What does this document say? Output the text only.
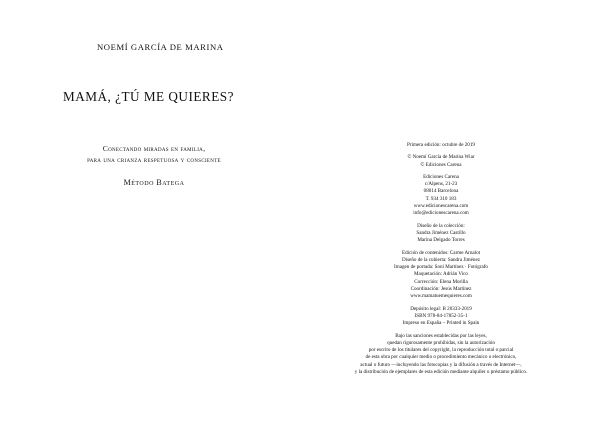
NOEMÍ GARCÍA DE MARINA
MAMÁ, ¿TÚ ME QUIERES?
Conectando miradas en familia,
para una crianza respetuosa y consciente
Método Batega
Primera edición: octubre de 2019
© Noemí García de Marina Wiar
© Ediciones Carena
Ediciones Carena
c/Alpens, 21-23
08014 Barcelona
T. 934 310 183
www.edicionescarena.com
info@edicionescarena.com
Diseño de la colección:
Sandra Jiménez Castillo
Marina Delgado Torres
Edición de contenidos: Carme Arnalot
Diseño de la cubierta: Sandra Jiménez
Imagen de portada: Soni Martínez · Fotógrafo
Maquetación: Adrián Vico
Corrección: Elena Morilla
Coordinación: Jesús Martínez
www.mamatuemequieres.com
Depósito legal: B 20333-2019
ISBN 978-84-17852-35-1
Impreso en España – Printed in Spain
Bajo las sanciones establecidas por las leyes,
quedan rigurosamente prohibidas, sin la autorización
por escrito de los titulares del copyright, la reproducción total o parcial
de esta obra por cualquier medio o procedimiento mecánico o electrónico,
actual o futuro —incluyendo las fotocopias y la difusión a través de Internet—,
y la distribución de ejemplares de esta edición mediante alquiler o préstamo público.
